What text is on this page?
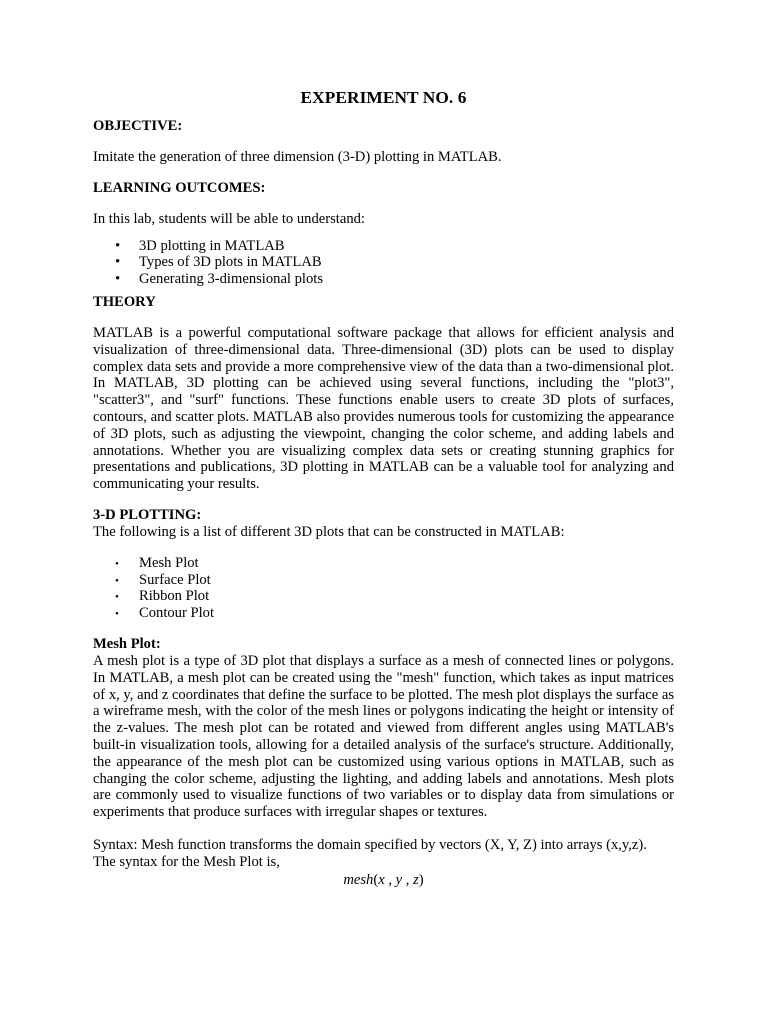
EXPERIMENT NO. 6

OBJECTIVE:

Imitate the generation of three dimension (3-D) plotting in MATLAB.

LEARNING OUTCOMES:

In this lab, students will be able to understand:

• 3D plotting in MATLAB
• Types of 3D plots in MATLAB
• Generating 3-dimensional plots

THEORY

MATLAB is a powerful computational software package that allows for efficient analysis and visualization of three-dimensional data. Three-dimensional (3D) plots can be used to display complex data sets and provide a more comprehensive view of the data than a two-dimensional plot. In MATLAB, 3D plotting can be achieved using several functions, including the "plot3", "scatter3", and "surf" functions. These functions enable users to create 3D plots of surfaces, contours, and scatter plots. MATLAB also provides numerous tools for customizing the appearance of 3D plots, such as adjusting the viewpoint, changing the color scheme, and adding labels and annotations. Whether you are visualizing complex data sets or creating stunning graphics for presentations and publications, 3D plotting in MATLAB can be a valuable tool for analyzing and communicating your results.

3-D PLOTTING:

The following is a list of different 3D plots that can be constructed in MATLAB:

• Mesh Plot
• Surface Plot
• Ribbon Plot
• Contour Plot

Mesh Plot:

A mesh plot is a type of 3D plot that displays a surface as a mesh of connected lines or polygons. In MATLAB, a mesh plot can be created using the "mesh" function, which takes as input matrices of x, y, and z coordinates that define the surface to be plotted. The mesh plot displays the surface as a wireframe mesh, with the color of the mesh lines or polygons indicating the height or intensity of the z-values. The mesh plot can be rotated and viewed from different angles using MATLAB's built-in visualization tools, allowing for a detailed analysis of the surface's structure. Additionally, the appearance of the mesh plot can be customized using various options in MATLAB, such as changing the color scheme, adjusting the lighting, and adding labels and annotations. Mesh plots are commonly used to visualize functions of two variables or to display data from simulations or experiments that produce surfaces with irregular shapes or textures.

Syntax: Mesh function transforms the domain specified by vectors (X, Y, Z) into arrays (x,y,z).

The syntax for the Mesh Plot is,

mesh(x , y , z)
